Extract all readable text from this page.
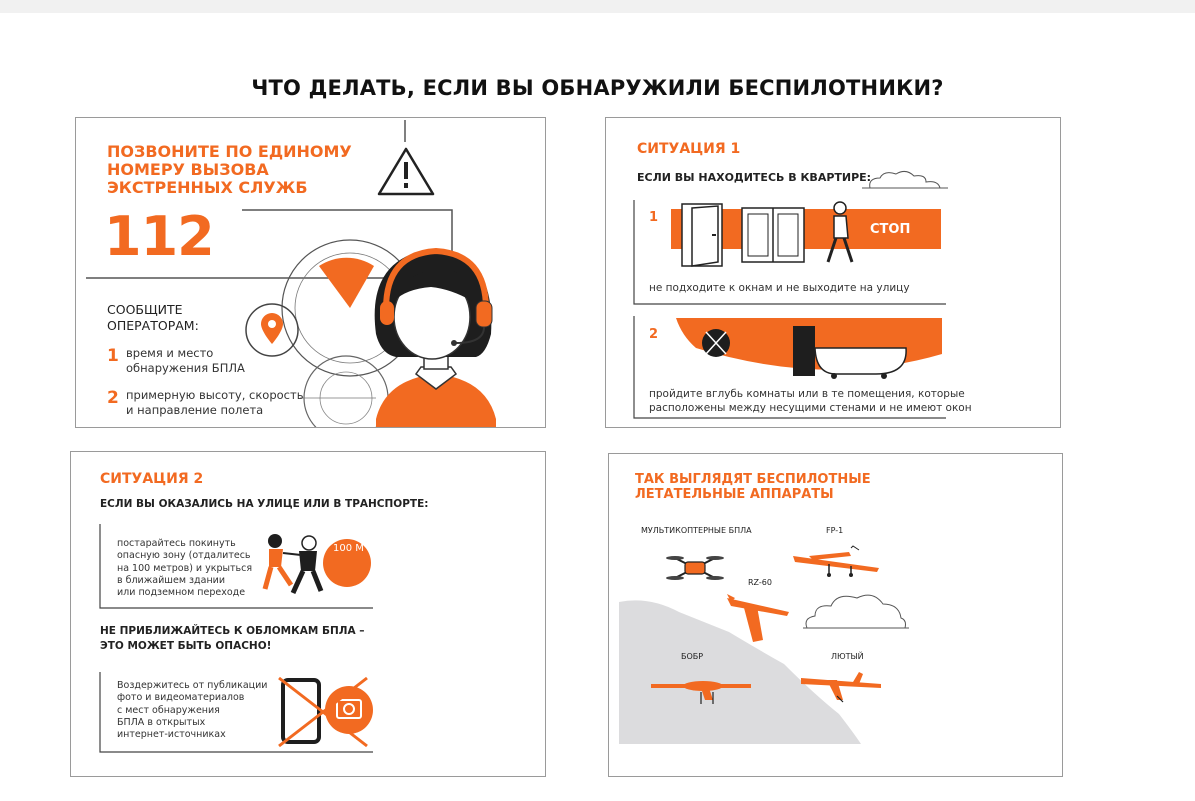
ЧТО ДЕЛАТЬ, ЕСЛИ ВЫ ОБНАРУЖИЛИ БЕСПИЛОТНИКИ?
ПОЗВОНИТЕ ПО ЕДИНОМУ
НОМЕРУ ВЫЗОВА
ЭКСТРЕННЫХ СЛУЖБ
112
СООБЩИТЕ
ОПЕРАТОРАМ:
1 время и место
обнаружения БПЛА
2 примерную высоту, скорость
и направление полета
СИТУАЦИЯ 1
ЕСЛИ ВЫ НАХОДИТЕСЬ В КВАРТИРЕ:
1
СТОП
не подходите к окнам и не выходите на улицу
2
пройдите вглубь комнаты или в те помещения, которые
расположены между несущими стенами и не имеют окон
СИТУАЦИЯ 2
ЕСЛИ ВЫ ОКАЗАЛИСЬ НА УЛИЦЕ ИЛИ В ТРАНСПОРТЕ:
постарайтесь покинуть
опасную зону (отдалитесь
на 100 метров) и укрыться
в ближайшем здании
или подземном переходе
100 М
НЕ ПРИБЛИЖАЙТЕСЬ К ОБЛОМКАМ БПЛА –
ЭТО МОЖЕТ БЫТЬ ОПАСНО!
Воздержитесь от публикации
фото и видеоматериалов
с мест обнаружения
БПЛА в открытых
интернет-источниках
ТАК ВЫГЛЯДЯТ БЕСПИЛОТНЫЕ
ЛЕТАТЕЛЬНЫЕ АППАРАТЫ
МУЛЬТИКОПТЕРНЫЕ БПЛА	FP-1
RZ-60
БОБР	ЛЮТЫЙ
